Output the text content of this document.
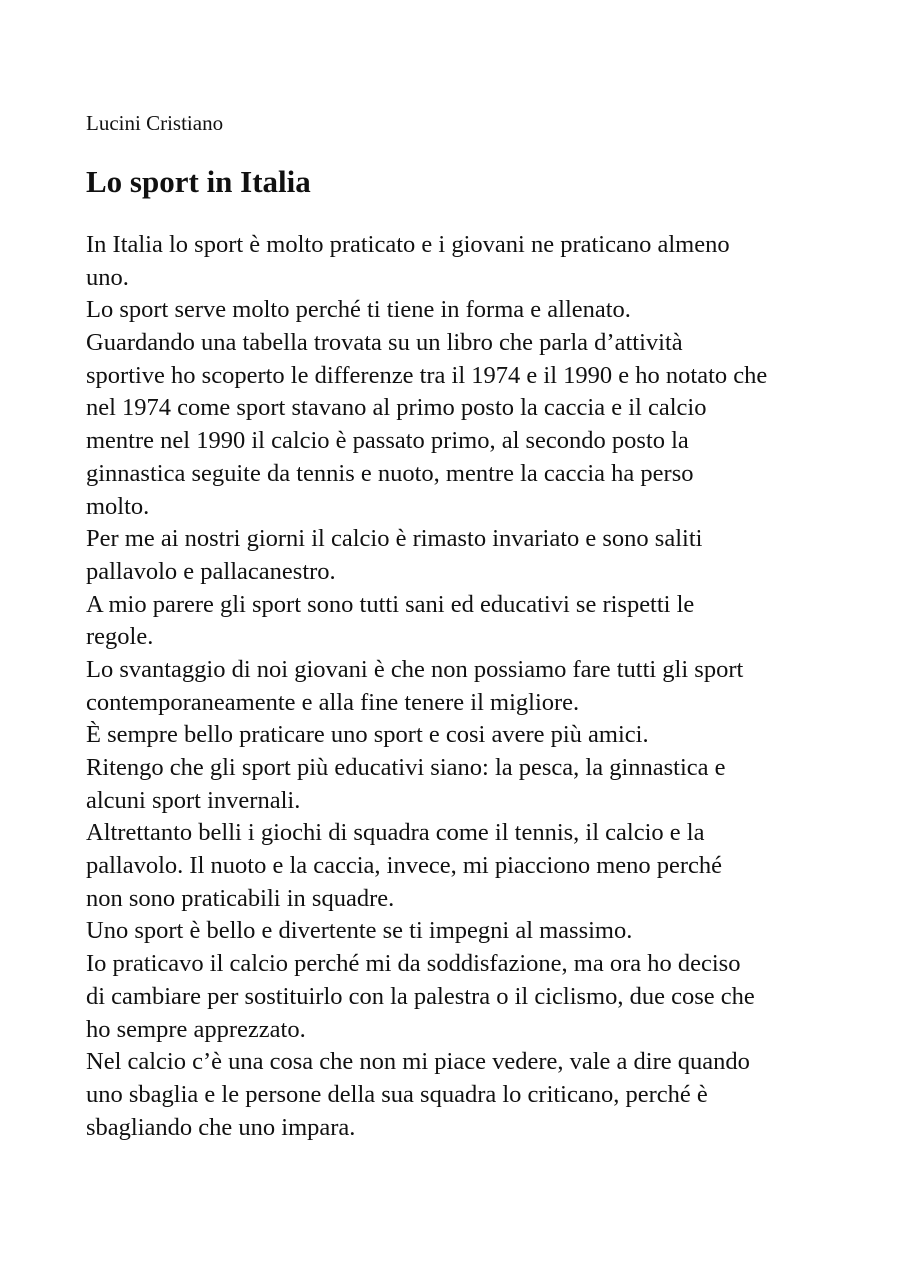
Lucini Cristiano
Lo sport in Italia
In Italia lo sport è molto praticato e i giovani ne praticano almeno
uno.
Lo sport serve molto perché ti tiene in forma e allenato.
Guardando una tabella trovata su un libro che parla d’attività
sportive ho scoperto le differenze tra il 1974 e il 1990 e ho notato che
nel 1974 come sport stavano al primo posto la caccia e il calcio
mentre nel 1990 il calcio è passato primo, al secondo posto la
ginnastica seguite da tennis e nuoto, mentre la caccia ha perso
molto.
Per me ai nostri giorni il calcio è rimasto invariato e sono saliti
pallavolo e pallacanestro.
A mio parere gli sport sono tutti sani ed educativi se rispetti le
regole.
Lo svantaggio di noi giovani è che non possiamo fare tutti gli sport
contemporaneamente e alla fine tenere il migliore.
È sempre bello praticare uno sport e cosi avere più amici.
Ritengo che gli sport più educativi siano: la pesca, la ginnastica e
alcuni sport invernali.
Altrettanto belli i giochi di squadra come il tennis, il calcio e la
pallavolo. Il nuoto e la caccia, invece, mi piacciono meno perché
non sono praticabili in squadre.
Uno sport è bello e divertente se ti impegni al massimo.
Io praticavo il calcio perché mi da soddisfazione, ma ora ho deciso
di cambiare per sostituirlo con la palestra o il ciclismo, due cose che
ho sempre apprezzato.
Nel calcio c’è una cosa che non mi piace vedere, vale a dire quando
uno sbaglia e le persone della sua squadra lo criticano, perché è
sbagliando che uno impara.
